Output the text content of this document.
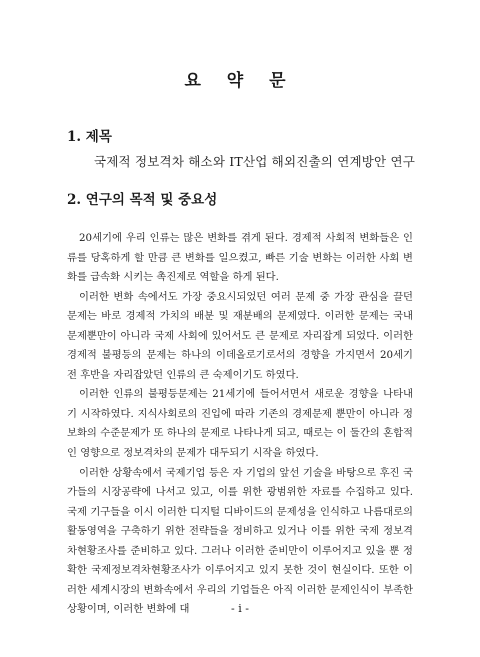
요 약 문
1. 제목
국제적 정보격차 해소와 IT산업 해외진출의 연계방안 연구
2. 연구의 목적 및 중요성

20세기에 우리 인류는 많은 변화를 겪게 된다. 경제적 사회적 변화들은 인류를 당혹하게 할 만큼 큰 변화를 일으켰고, 빠른 기술 변화는 이러한 사회 변화를 급속화 시키는 촉진제로 역할을 하게 된다.

이러한 변화 속에서도 가장 중요시되었던 여러 문제 중 가장 관심을 끌던 문제는 바로 경제적 가치의 배분 및 재분배의 문제였다. 이러한 문제는 국내 문제뿐만이 아니라 국제 사회에 있어서도 큰 문제로 자리잡게 되었다. 이러한 경제적 불평등의 문제는 하나의 이데올로기로서의 경향을 가지면서 20세기 전 후반을 자리잡았던 인류의 큰 숙제이기도 하였다.

이러한 인류의 불평등문제는 21세기에 들어서면서 새로운 경향을 나타내기 시작하였다. 지식사회로의 진입에 따라 기존의 경제문제 뿐만이 아니라 정보화의 수준문제가 또 하나의 문제로 나타나게 되고, 때로는 이 둘간의 혼합적인 영향으로 정보격차의 문제가 대두되기 시작을 하였다.

이러한 상황속에서 국제기업 등은 자 기업의 앞선 기술을 바탕으로 후진 국가들의 시장공략에 나서고 있고, 이를 위한 광범위한 자료를 수집하고 있다. 국제 기구들을 이시 이러한 디지털 디바이드의 문제성을 인식하고 나름대로의 활동영역을 구축하기 위한 전략들을 정비하고 있거나 이를 위한 국제 정보격차현황조사를 준비하고 있다. 그러나 이러한 준비만이 이루어지고 있을 뿐 정확한 국제정보격차현황조사가 이루어지고 있지 못한 것이 현실이다. 또한 이러한 세계시장의 변화속에서 우리의 기업들은 아직 이러한 문제인식이 부족한 상황이며, 이러한 변화에 대	- i -
